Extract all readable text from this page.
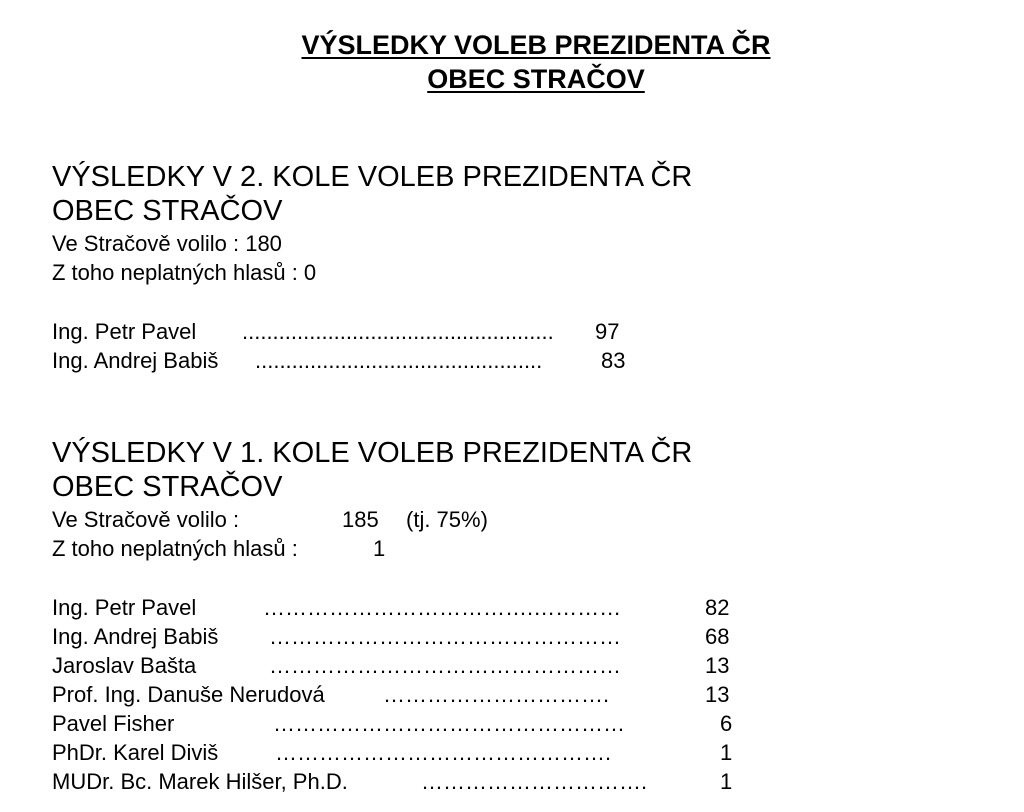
VÝSLEDKY VOLEB PREZIDENTA ČR
OBEC STRAČOV
VÝSLEDKY V 2. KOLE VOLEB PREZIDENTA ČR
OBEC STRAČOV
Ve Stračově volilo : 180
Z toho neplatných hlasů : 0
Ing. Petr Pavel ................................................... 97
Ing. Andrej Babiš ...............................................	83
VÝSLEDKY V 1. KOLE VOLEB PREZIDENTA ČR
OBEC STRAČOV
Ve Stračově volilo :	185 (tj. 75%)
Z toho neplatných hlasů :	1
Ing. Petr Pavel	……………………………….…………	82
Ing. Andrej Babiš …………………………………………	68
Jaroslav Bašta	…………………………………………	13
Prof. Ing. Danuše Nerudová	………………………….	13
Pavel Fisher	…………………………………………	6
PhDr. Karel Diviš	……………………………………….	1
MUDr. Bc. Marek Hilšer, Ph.D.	………………………….	1
